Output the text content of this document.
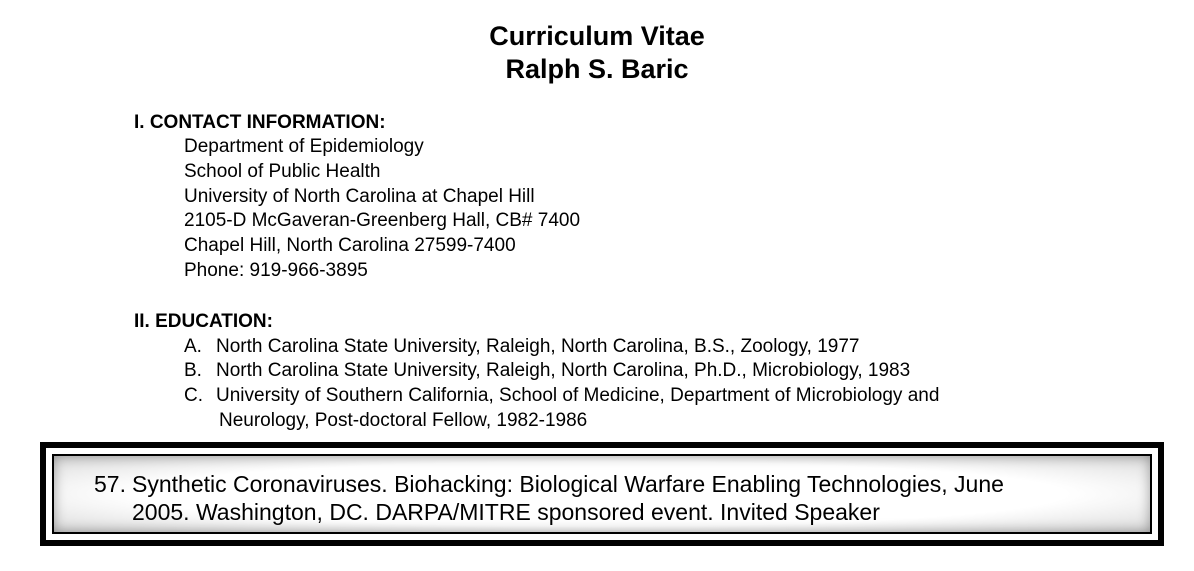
Curriculum Vitae
Ralph S. Baric
I. CONTACT INFORMATION:
Department of Epidemiology
School of Public Health
University of North Carolina at Chapel Hill
2105-D McGaveran-Greenberg Hall, CB# 7400
Chapel Hill, North Carolina 27599-7400
Phone: 919-966-3895
II. EDUCATION:
A. North Carolina State University, Raleigh, North Carolina, B.S., Zoology, 1977
B. North Carolina State University, Raleigh, North Carolina, Ph.D., Microbiology, 1983
C. University of Southern California, School of Medicine, Department of Microbiology and
Neurology, Post-doctoral Fellow, 1982-1986
57. Synthetic Coronaviruses. Biohacking: Biological Warfare Enabling Technologies, June
2005. Washington, DC. DARPA/MITRE sponsored event. Invited Speaker
